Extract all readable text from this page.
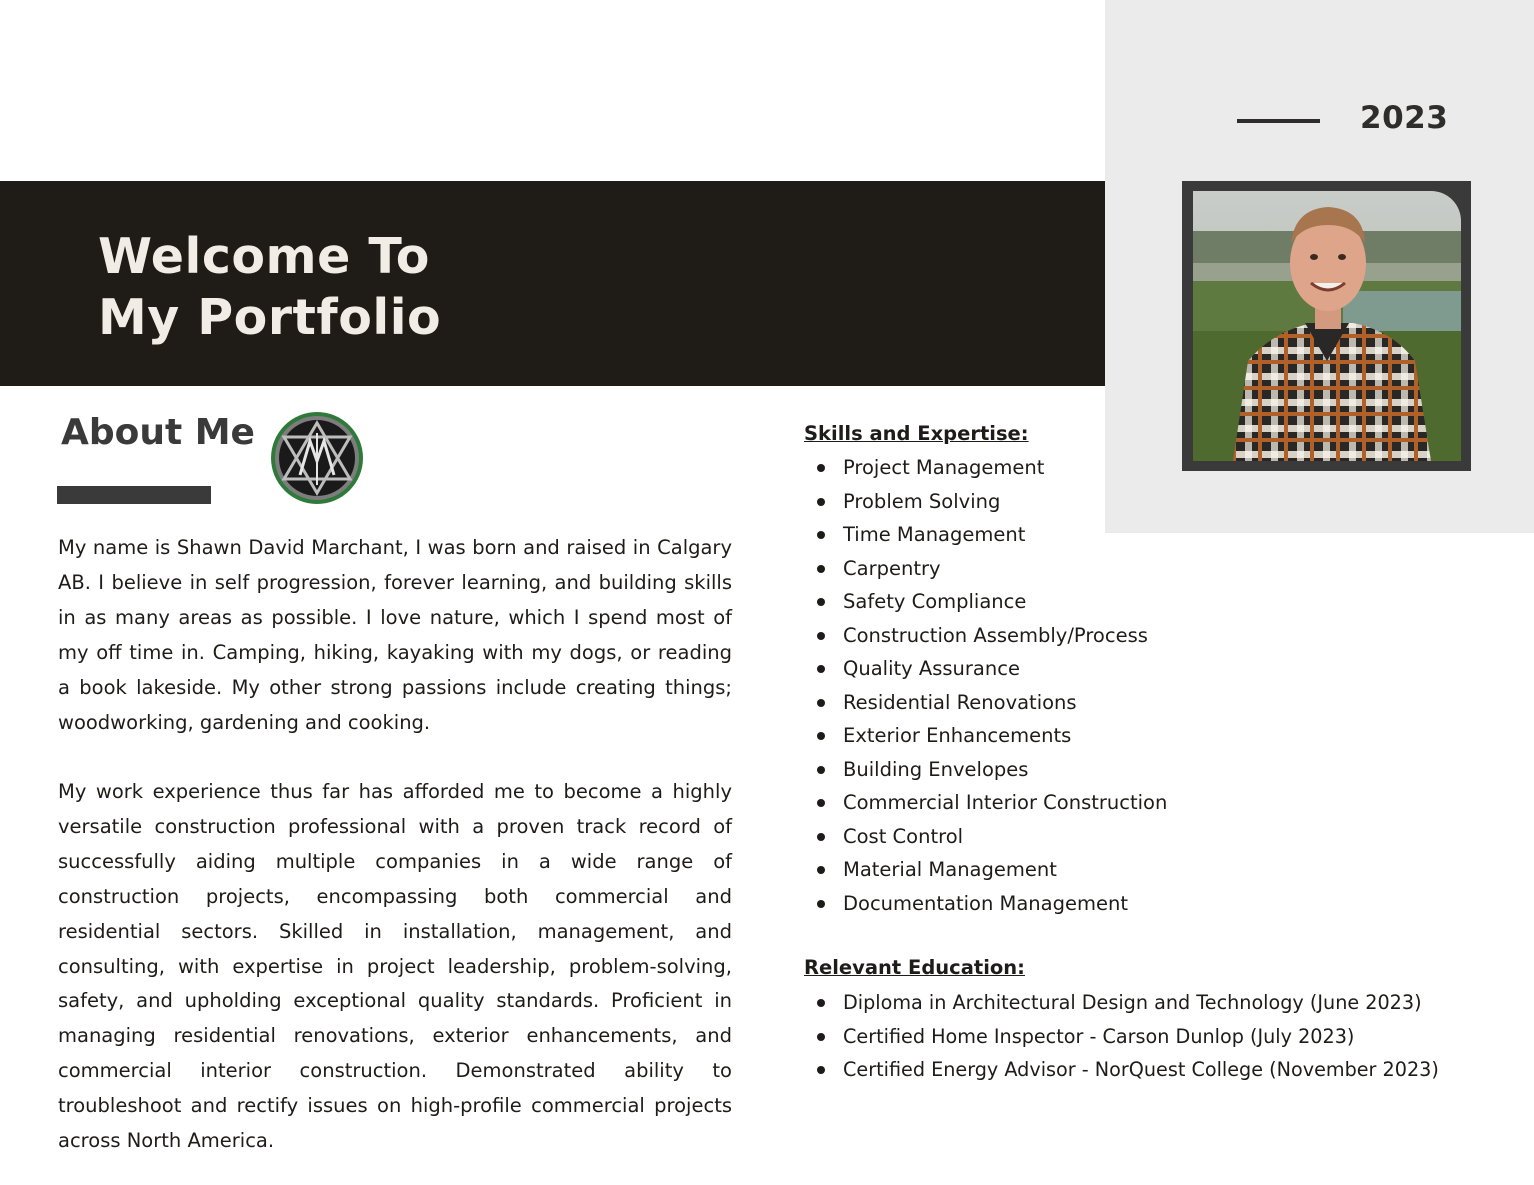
2023
Welcome To
My Portfolio
About Me

My name is Shawn David Marchant, I was born and raised in Calgary AB. I believe in self progression, forever learning, and building skills in as many areas as possible. I love nature, which I spend most of my off time in. Camping, hiking, kayaking with my dogs, or reading a book lakeside. My other strong passions include creating things; woodworking, gardening and cooking.

My work experience thus far has afforded me to become a highly versatile construction professional with a proven track record of successfully aiding multiple companies in a wide range of construction projects, encompassing both commercial and residential sectors. Skilled in installation, management, and consulting, with expertise in project leadership, problem-solving, safety, and upholding exceptional quality standards. Proficient in managing residential renovations, exterior enhancements, and commercial interior construction. Demonstrated ability to troubleshoot and rectify issues on high-profile commercial projects across North America.

Skills and Expertise:
Project Management
Problem Solving
Time Management
Carpentry
Safety Compliance
Construction Assembly/Process
Quality Assurance
Residential Renovations
Exterior Enhancements
Building Envelopes
Commercial Interior Construction
Cost Control
Material Management
Documentation Management
Relevant Education:
Diploma in Architectural Design and Technology (June 2023)
Certified Home Inspector - Carson Dunlop (July 2023)
Certified Energy Advisor - NorQuest College (November 2023)
